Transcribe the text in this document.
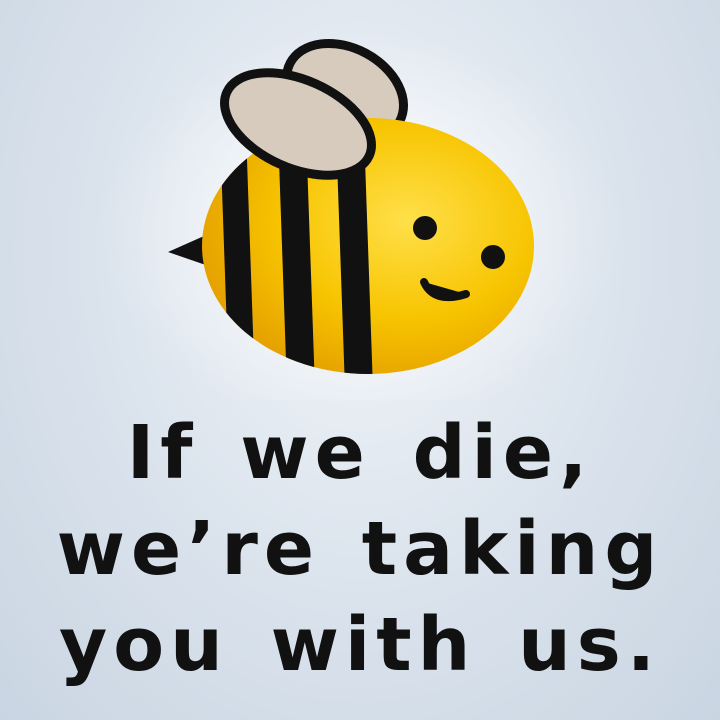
If we die,
we’re taking
you with us.
